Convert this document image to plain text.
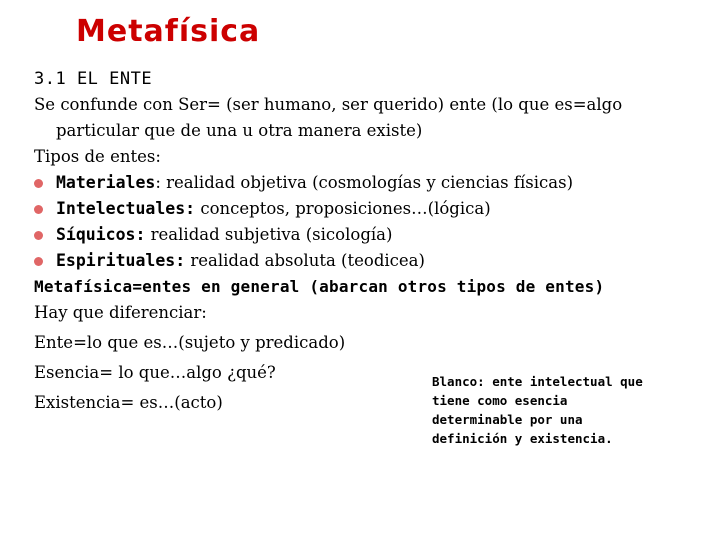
Metafísica
3.1 EL ENTE
Se confunde con Ser= (ser humano, ser querido) ente (lo que es=algo
particular que de una u otra manera existe)
Tipos de entes:
Materiales: realidad objetiva (cosmologías y ciencias físicas)
Intelectuales: conceptos, proposiciones…(lógica)
Síquicos: realidad subjetiva (sicología)
Espirituales: realidad absoluta (teodicea)
Metafísica=entes en general (abarcan otros tipos de entes)
Hay que diferenciar:
Ente=lo que es…(sujeto y predicado)
Esencia= lo que…algo ¿qué?
Existencia= es…(acto)
Blanco: ente intelectual que
tiene como esencia
determinable por una
definición y existencia.
